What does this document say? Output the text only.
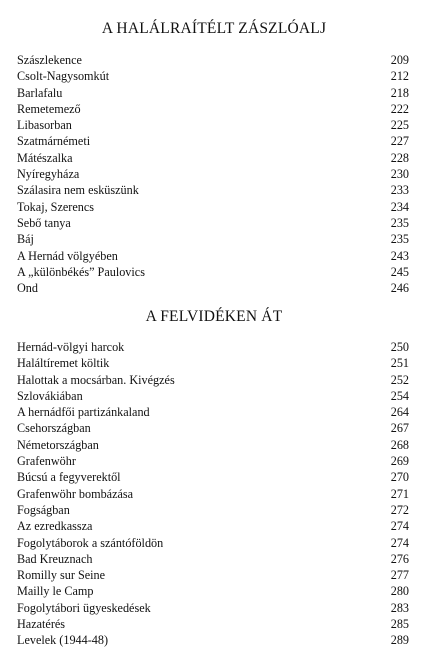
A HALÁLRAÍTÉLT ZÁSZLÓALJ
Szászlekence	209
Csolt-Nagysomkút	212
Barlafalu	218
Remetemező	222
Libasorban	225
Szatmárnémeti	227
Mátészalka	228
Nyíregyháza	230
Szálasira nem esküszünk	233
Tokaj, Szerencs	234
Sebő tanya	235
Báj	235
A Hernád völgyében	243
A „különbékés” Paulovics	245
Ond	246
A FELVIDÉKEN ÁT
Hernád-völgyi harcok	250
Haláltíremet költik	251
Halottak a mocsárban. Kivégzés	252
Szlovákiában	254
A hernádfői partizánkaland	264
Csehországban	267
Németországban	268
Grafenwöhr	269
Búcsú a fegyverektől	270
Grafenwöhr bombázása	271
Fogságban	272
Az ezredkassza	274
Fogolytáborok a szántóföldön	274
Bad Kreuznach	276
Romilly sur Seine	277
Mailly le Camp	280
Fogolytábori ügyeskedések	283
Hazatérés	285
Levelek (1944-48)	289
